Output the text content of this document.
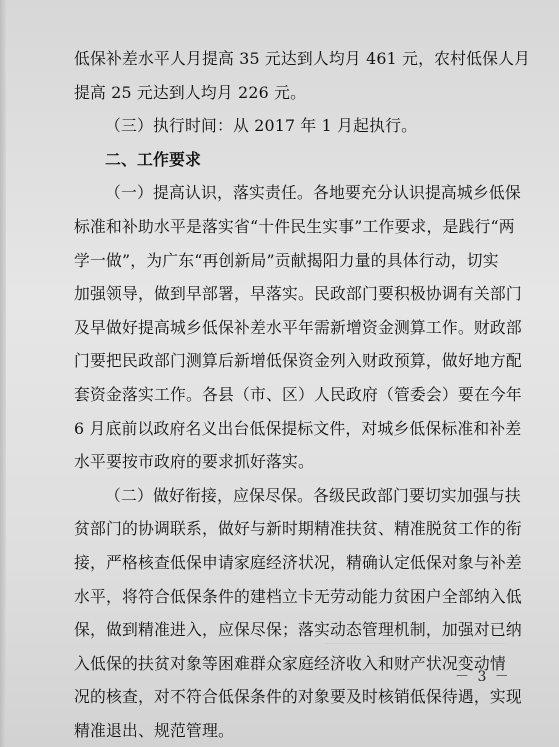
低保补差水平人月提高 35 元达到人均月 461 元，农村低保人月
提高 25 元达到人均月 226 元。
（三）执行时间：从 2017 年 1 月起执行。
二、工作要求
（一）提高认识，落实责任。各地要充分认识提高城乡低保
标准和补助水平是落实省“十件民生实事”工作要求，是践行“两
学一做”，为广东“再创新局”贡献揭阳力量的具体行动，切实
加强领导，做到早部署，早落实。民政部门要积极协调有关部门
及早做好提高城乡低保补差水平年需新增资金测算工作。财政部
门要把民政部门测算后新增低保资金列入财政预算，做好地方配
套资金落实工作。各县（市、区）人民政府（管委会）要在今年
6 月底前以政府名义出台低保提标文件，对城乡低保标准和补差
水平要按市政府的要求抓好落实。
（二）做好衔接，应保尽保。各级民政部门要切实加强与扶
贫部门的协调联系，做好与新时期精准扶贫、精准脱贫工作的衔
接，严格核查低保申请家庭经济状况，精确认定低保对象与补差
水平，将符合低保条件的建档立卡无劳动能力贫困户全部纳入低
保，做到精准进入，应保尽保；落实动态管理机制，加强对已纳
入低保的扶贫对象等困难群众家庭经济收入和财产状况变动情
况的核查，对不符合低保条件的对象要及时核销低保待遇，实现
精准退出、规范管理。
－ 3 －
